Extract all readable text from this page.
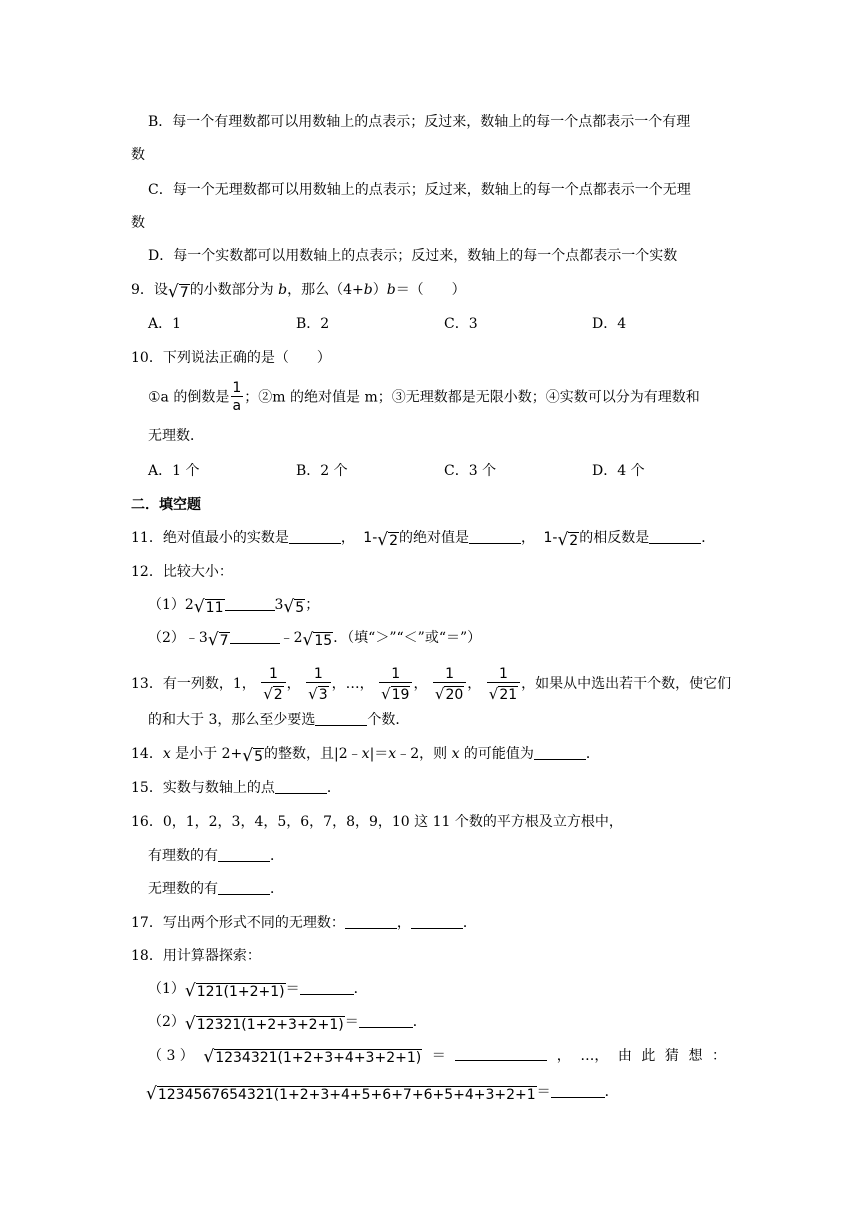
B．每一个有理数都可以用数轴上的点表示；反过来，数轴上的每一个点都表示一个有理
数
C．每一个无理数都可以用数轴上的点表示；反过来，数轴上的每一个点都表示一个无理
数
D．每一个实数都可以用数轴上的点表示；反过来，数轴上的每一个点都表示一个实数
9．设 √ 7 的小数部分为 b，那么（4+b）b＝（　　）
A．1	B．2	C．3	D．4
10．下列说法正确的是（　　）
①a 的倒数是 $\frac{1}{a}$ ；②m 的绝对值是 m；③无理数都是无限小数；④实数可以分为有理数和
无理数．
A．1 个	B．2 个	C．3 个	D．4 个
二．填空题
11．绝对值最小的实数是	， 1- √ 2 的绝对值是	， 1- √ 2 的相反数是	．
12．比较大小：
（1）2 √ 11	3 √ 5 ；
（2）﹣3 √ 7	﹣2 √ 15 ．（填“＞”“＜”或“＝”）
13．有一列数，1， $\frac{1}{√ 2}$ ， $\frac{1}{√ 3}$ ，…， $\frac{1}{√ 19}$ ， $\frac{1}{√ 20}$ ， $\frac{1}{√ 21}$ ，如果从中选出若干个数，使它们
的和大于 3，那么至少要选	个数．
14．x 是小于 2+ √ 5 的整数，且|2﹣x|＝x﹣2，则 x 的可能值为	．
15．实数与数轴上的点	．
16．0，1，2，3，4，5，6，7，8，9，10 这 11 个数的平方根及立方根中，
有理数的有	．
无理数的有	．
17．写出两个形式不同的无理数：	，	．
18．用计算器探索：
（1） √ 121(1+2+1) ＝	．
（2） √ 12321(1+2+3+2+1) ＝	．
（ 3 ） √ 1234321(1+2+3+4+3+2+1) ＝	， …， 由 此 猜 想 ：
√ 1234567654321(1+2+3+4+5+6+7+6+5+4+3+2+1 ＝	．
